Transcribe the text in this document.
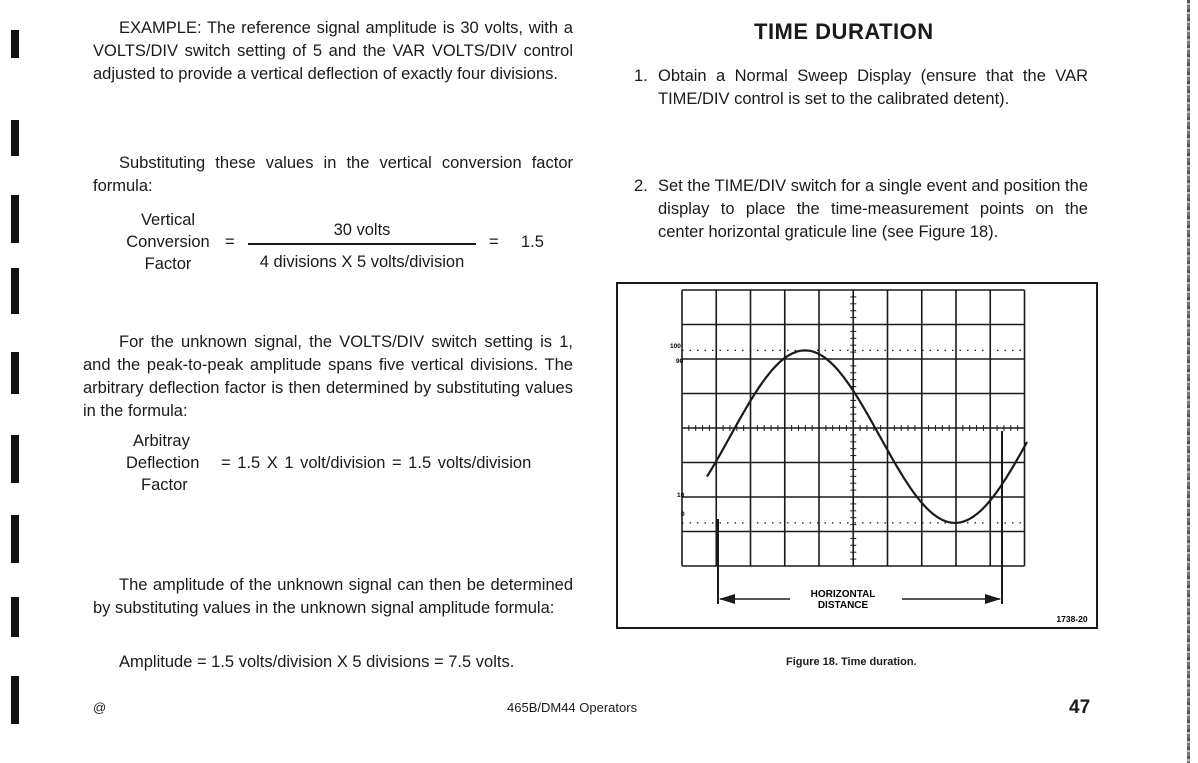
EXAMPLE: The reference signal amplitude is 30 volts, with a VOLTS/DIV switch setting of 5 and the VAR VOLTS/DIV control adjusted to provide a vertical deflection of exactly four divisions.

Substituting these values in the vertical conversion factor formula:

Vertical
Conversion
Factor
=
30 volts
4 divisions X 5 volts/division
= 1.5

For the unknown signal, the VOLTS/DIV switch setting is 1, and the peak-to-peak amplitude spans five vertical divisions. The arbitrary deflection factor is then determined by substituting values in the formula:

Arbitray
Deflection
Factor
= 1.5 X 1 volt/division = 1.5 volts/division

The amplitude of the unknown signal can then be determined by substituting values in the unknown signal amplitude formula:

Amplitude = 1.5 volts/division X 5 divisions = 7.5 volts.
TIME DURATION
1. Obtain a Normal Sweep Display (ensure that the VAR TIME/DIV control is set to the calibrated detent).

2. Set the TIME/DIV switch for a single event and position the display to place the time-measurement points on the center horizontal graticule line (see Figure 18).

HORIZONTAL
DISTANCE
1738-20
100
90
10
0
Figure 18. Time duration.
@	465B/DM44 Operators	47
